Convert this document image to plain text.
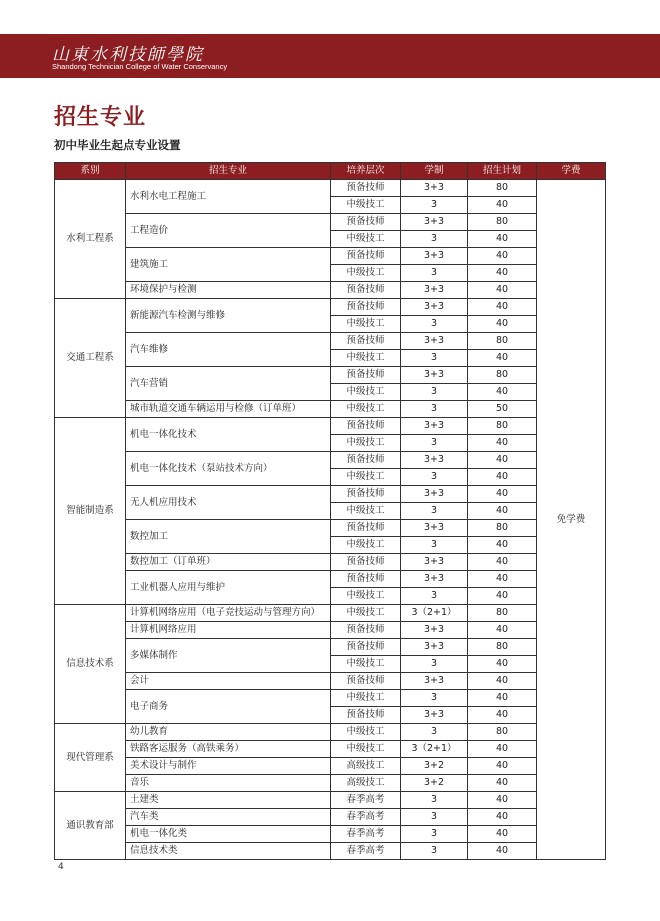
山東水利技師學院
Shandong Technician College of Water Conservancy
招生专业
初中毕业生起点专业设置
系别	招生专业	培养层次	学制	招生计划	学费
水利工程系	水利水电工程施工	预备技师	3+3	80	免学费
		中级技工	3	40	
	工程造价	预备技师	3+3	80	
		中级技工	3	40	
	建筑施工	预备技师	3+3	40	
		中级技工	3	40	
	环境保护与检测	预备技师	3+3	40	
交通工程系	新能源汽车检测与维修	预备技师	3+3	40	
		中级技工	3	40	
	汽车维修	预备技师	3+3	80	
		中级技工	3	40	
	汽车营销	预备技师	3+3	80	
		中级技工	3	40	
	城市轨道交通车辆运用与检修（订单班）	中级技工	3	50	
智能制造系	机电一体化技术	预备技师	3+3	80	
		中级技工	3	40	
	机电一体化技术（泵站技术方向）	预备技师	3+3	40	
		中级技工	3	40	
	无人机应用技术	预备技师	3+3	40	
		中级技工	3	40	
	数控加工	预备技师	3+3	80	
		中级技工	3	40	
	数控加工（订单班）	预备技师	3+3	40	
	工业机器人应用与维护	预备技师	3+3	40	
		中级技工	3	40	
信息技术系	计算机网络应用（电子竞技运动与管理方向）	中级技工	3（2+1）	80	
	计算机网络应用	预备技师	3+3	40	
	多媒体制作	预备技师	3+3	80	
		中级技工	3	40	
	会计	预备技师	3+3	40	
	电子商务	中级技工	3	40	
		预备技师	3+3	40	
现代管理系	幼儿教育	中级技工	3	80	
	铁路客运服务（高铁乘务）	中级技工	3（2+1）	40	
	美术设计与制作	高级技工	3+2	40	
	音乐	高级技工	3+2	40	
通识教育部	土建类	春季高考	3	40	
	汽车类	春季高考	3	40	
	机电一体化类	春季高考	3	40	
	信息技术类	春季高考	3	40	
4
